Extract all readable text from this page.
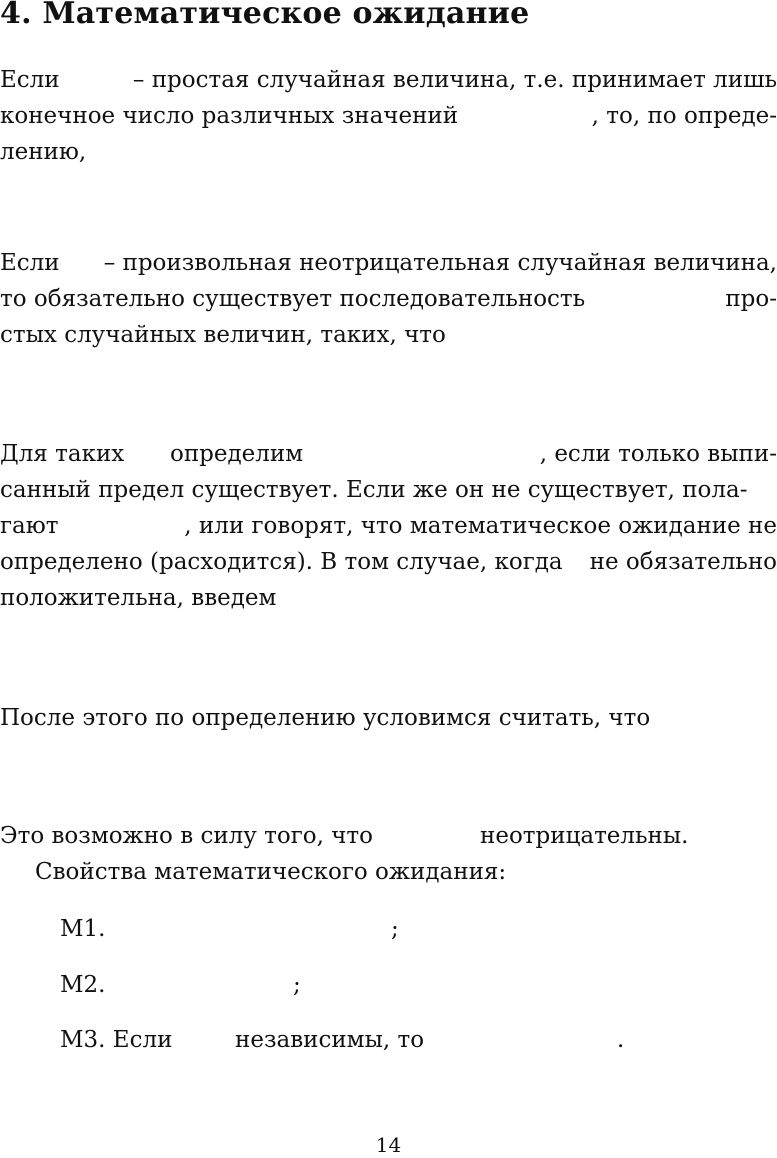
4. Математическое ожидание
Если	– простая случайная величина, т.е. принимает лишь
конечное число различных значений	, то, по опреде-
лению,
Если – произвольная неотрицательная случайная величина,
то обязательно существует последовательность	про-
стых случайных величин, таких, что
Для таких определим	, если только выпи-
санный предел существует. Если же он не существует, пола-
гают	, или говорят, что математическое ожидание не
определено (расходится). В том случае, когда не обязательно
положительна, введем
После этого по определению условимся считать, что
Это возможно в силу того, что	неотрицательны.
Свойства математического ожидания:
M1.	;
M2.	;
M3. Если	независимы, то	.
14
